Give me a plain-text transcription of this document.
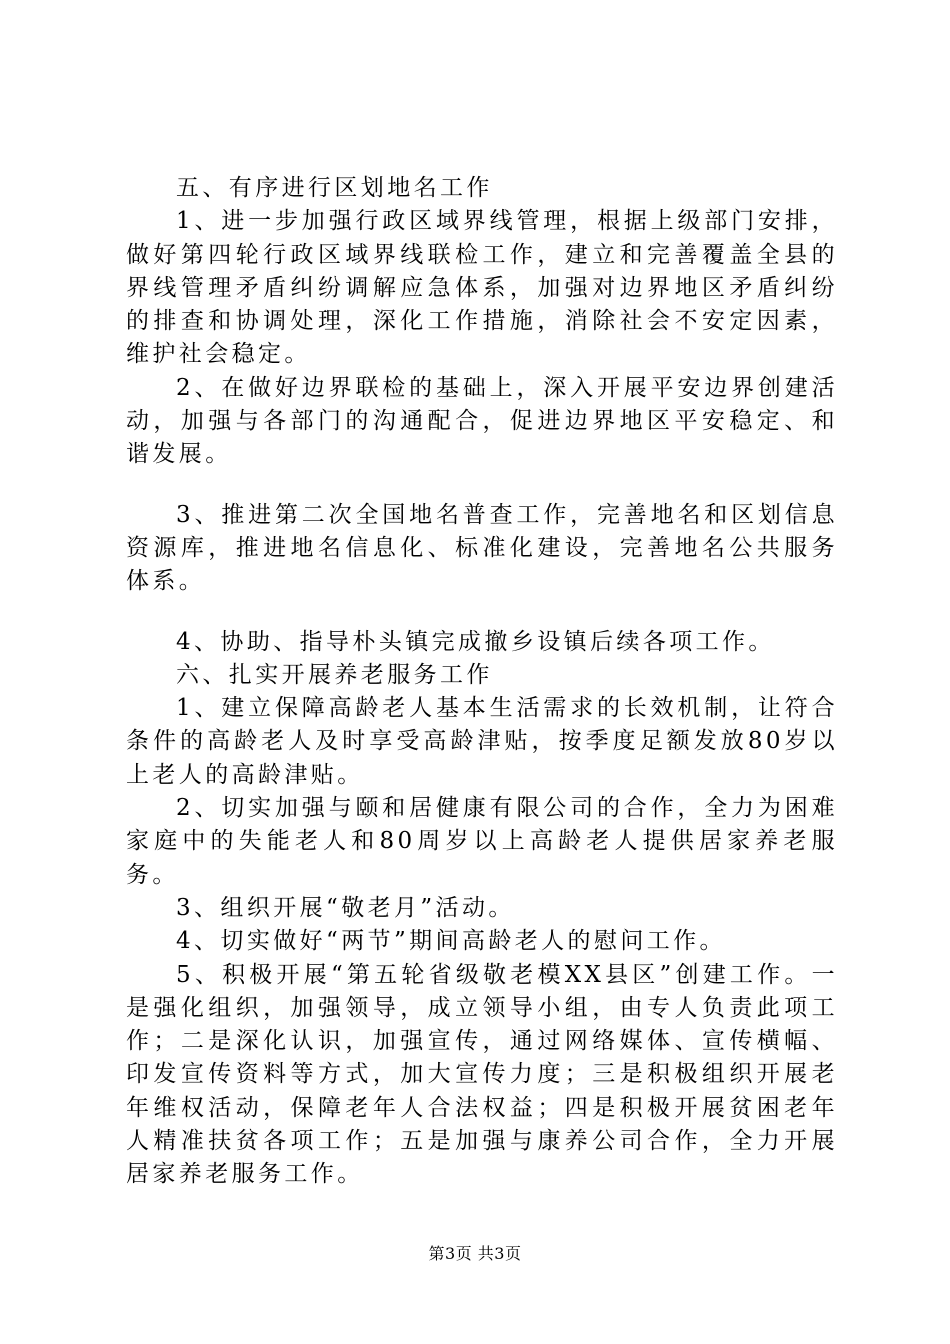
五、有序进行区划地名工作

1、进一步加强行政区域界线管理，根据上级部门安排，做好第四轮行政区域界线联检工作，建立和完善覆盖全县的界线管理矛盾纠纷调解应急体系，加强对边界地区矛盾纠纷的排查和协调处理，深化工作措施，消除社会不安定因素，维护社会稳定。

2、在做好边界联检的基础上，深入开展平安边界创建活动，加强与各部门的沟通配合，促进边界地区平安稳定、和谐发展。

3、推进第二次全国地名普查工作，完善地名和区划信息资源库，推进地名信息化、标准化建设，完善地名公共服务体系。

4、协助、指导朴头镇完成撤乡设镇后续各项工作。

六、扎实开展养老服务工作

1、建立保障高龄老人基本生活需求的长效机制，让符合条件的高龄老人及时享受高龄津贴，按季度足额发放80岁以上老人的高龄津贴。

2、切实加强与颐和居健康有限公司的合作，全力为困难家庭中的失能老人和80周岁以上高龄老人提供居家养老服务。

3、组织开展“敬老月”活动。

4、切实做好“两节”期间高龄老人的慰问工作。

5、积极开展“第五轮省级敬老模XX县区”创建工作。一是强化组织，加强领导，成立领导小组，由专人负责此项工作；二是深化认识，加强宣传，通过网络媒体、宣传横幅、印发宣传资料等方式，加大宣传力度；三是积极组织开展老年维权活动，保障老年人合法权益；四是积极开展贫困老年人精准扶贫各项工作；五是加强与康养公司合作，全力开展居家养老服务工作。

第3页 共3页
